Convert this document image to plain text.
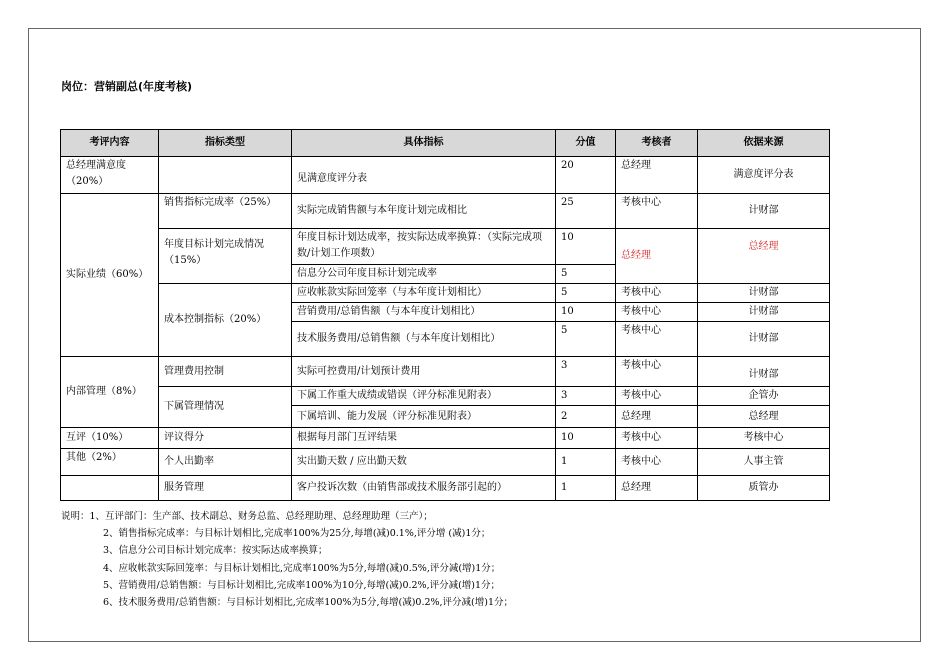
岗位：营销副总(年度考核)
考评内容	指标类型	具体指标	分值	考核者	依据来源
总经理满意度（20%）		见满意度评分表	20	总经理	满意度评分表
实际业绩（60%）	销售指标完成率（25%）	实际完成销售额与本年度计划完成相比	25	考核中心	计财部
	年度目标计划完成情况（15%）	年度目标计划达成率，按实际达成率换算：（实际完成项数/计划工作项数）	10	总经理	总经理
		信息分公司年度目标计划完成率	5		
	成本控制指标（20%）	应收帐款实际回笼率（与本年度计划相比）	5	考核中心	计财部
		营销费用/总销售额（与本年度计划相比）	10	考核中心	计财部
		技术服务费用/总销售额（与本年度计划相比）	5	考核中心	计财部
内部管理（8%）	管理费用控制	实际可控费用/计划预计费用	3	考核中心	计财部
	下属管理情况	下属工作重大成绩或错误（评分标准见附表）	3	考核中心	企管办
		下属培训、能力发展（评分标准见附表）	2	总经理	总经理
互评（10%）	评议得分	根据每月部门互评结果	10	考核中心	考核中心
其他（2%）	个人出勤率	实出勤天数 / 应出勤天数	1	考核中心	人事主管
	服务管理	客户投诉次数（由销售部或技术服务部引起的）	1	总经理	质管办
说明：1、互评部门：生产部、技术副总、财务总监、总经理助理、总经理助理（三产）；
2、销售指标完成率：与目标计划相比,完成率100%为25分,每增(减)0.1%,评分增 (减)1分；
3、信息分公司目标计划完成率：按实际达成率换算；
4、应收帐款实际回笼率：与目标计划相比,完成率100%为5分,每增(减)0.5%,评分减(增)1分；
5、营销费用/总销售额：与目标计划相比,完成率100%为10分,每增(减)0.2%,评分减(增)1分；
6、技术服务费用/总销售额：与目标计划相比,完成率100%为5分,每增(减)0.2%,评分减(增)1分；
